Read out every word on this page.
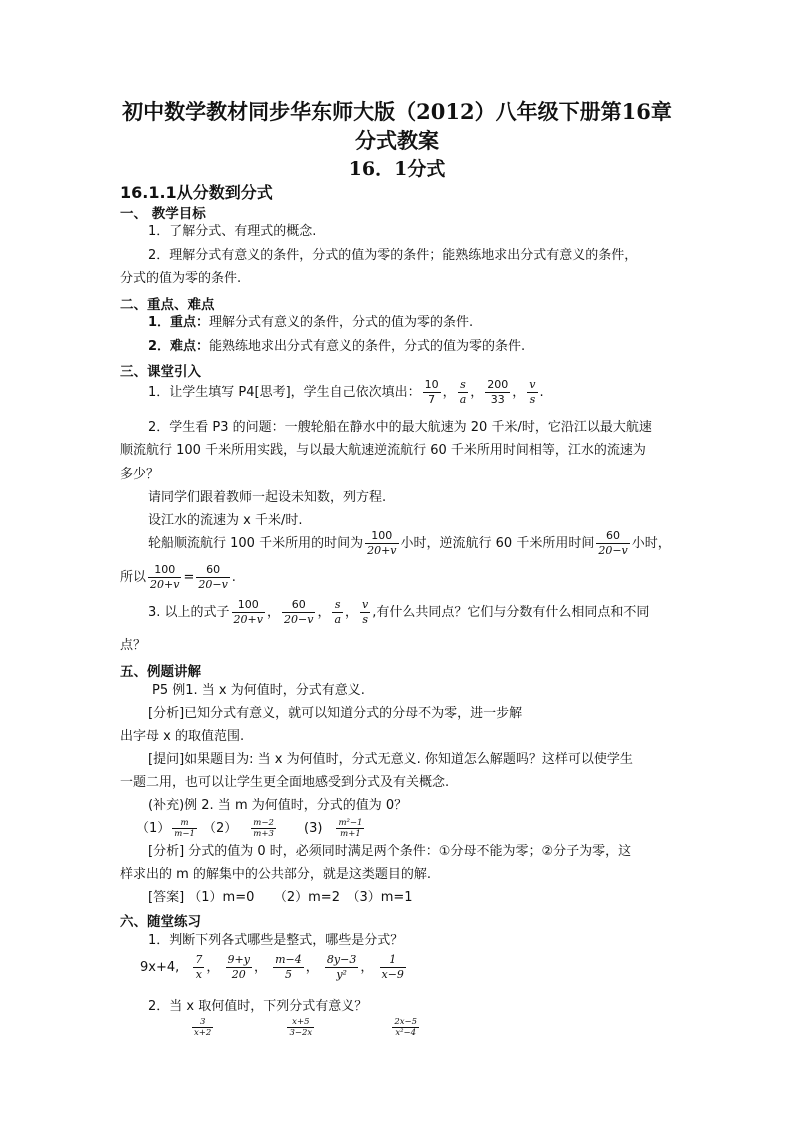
初中数学教材同步华东师大版（2012）八年级下册第16章
分式教案
16．1分式
16.1.1从分数到分式
一、 教学目标
1．了解分式、有理式的概念.
2．理解分式有意义的条件，分式的值为零的条件；能熟练地求出分式有意义的条件，
分式的值为零的条件.
二、重点、难点
1．重点：理解分式有意义的条件，分式的值为零的条件.
2．难点：能熟练地求出分式有意义的条件，分式的值为零的条件.
三、课堂引入
1．让学生填写 P4[思考]，学生自己依次填出： $\frac{10}{7}$ ， $\frac{s}{a}$ ， $\frac{200}{33}$ ， $\frac{v}{s}$ .
2．学生看 P3 的问题：一艘轮船在静水中的最大航速为 20 千米/时，它沿江以最大航速
顺流航行 100 千米所用实践，与以最大航速逆流航行 60 千米所用时间相等，江水的流速为
多少？
请同学们跟着教师一起设未知数，列方程.
设江水的流速为 x 千米/时.
轮船顺流航行 100 千米所用的时间为 $\frac{100}{20+v}$ 小时，逆流航行 60 千米所用时间 $\frac{60}{20-v}$ 小时，
所以 $\frac{100}{20+v} = \frac{60}{20-v}$ .
3. 以上的式子 $\frac{100}{20+v}$ ， $\frac{60}{20-v}$ ， $\frac{s}{a}$ ， $\frac{v}{s}$ ,有什么共同点？它们与分数有什么相同点和不同
点？
五、例题讲解
P5 例1. 当 x 为何值时，分式有意义.
[分析]已知分式有意义，就可以知道分式的分母不为零，进一步解
出字母 x 的取值范围.
[提问]如果题目为: 当 x 为何值时，分式无意义. 你知道怎么解题吗？这样可以使学生
一题二用，也可以让学生更全面地感受到分式及有关概念.
(补充)例 2. 当 m 为何值时，分式的值为 0？
$(1) \frac{m}{m-1} (2) \frac{m-2}{m+3} (3) \frac{\text{m²−1}}{m+1}$
[分析] 分式的值为 0 时，必须同时满足两个条件：①分母不能为零；②分子为零，这
样求出的 m 的解集中的公共部分，就是这类题目的解.
[答案] （1）m=0　　（2）m=2　（3）m=1
六、随堂练习
1．判断下列各式哪些是整式，哪些是分式？
9x+4, $\frac{7}{x}$ ， $\frac{9+y}{20}$ ， $\frac{m-4}{5}$ ， $\frac{8y-3}{\text{y²}}$ ， $\frac{1}{x-9}$
2．当 x 取何值时，下列分式有意义？
$\frac{3}{x+2}$
	$\frac{x+5}{3-2x}$
	$\frac{2x-5}{\text{x²−4}}$
